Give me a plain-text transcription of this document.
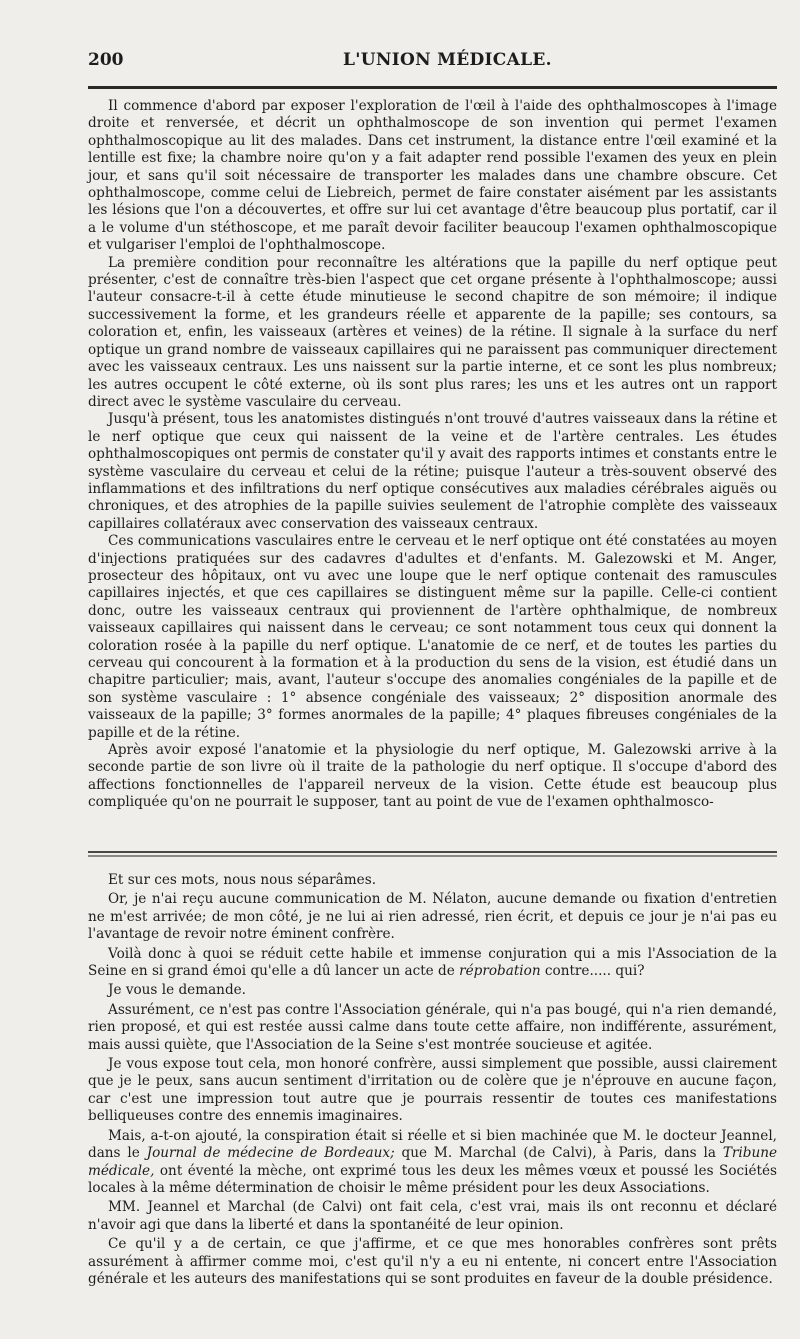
200	L'UNION MÉDICALE.

Il commence d'abord par exposer l'exploration de l'œil à l'aide des ophthalmoscopes à l'image droite et renversée, et décrit un ophthalmoscope de son invention qui permet l'examen ophthalmoscopique au lit des malades. Dans cet instrument, la distance entre l'œil examiné et la lentille est fixe; la chambre noire qu'on y a fait adapter rend possible l'examen des yeux en plein jour, et sans qu'il soit nécessaire de transporter les malades dans une chambre obscure. Cet ophthalmoscope, comme celui de Liebreich, permet de faire constater aisément par les assistants les lésions que l'on a découvertes, et offre sur lui cet avantage d'être beaucoup plus portatif, car il a le volume d'un stéthoscope, et me paraît devoir faciliter beaucoup l'examen ophthalmoscopique et vulgariser l'emploi de l'ophthalmoscope.

La première condition pour reconnaître les altérations que la papille du nerf optique peut présenter, c'est de connaître très-bien l'aspect que cet organe présente à l'ophthalmoscope; aussi l'auteur consacre-t-il à cette étude minutieuse le second chapitre de son mémoire; il indique successivement la forme, et les grandeurs réelle et apparente de la papille; ses contours, sa coloration et, enfin, les vaisseaux (artères et veines) de la rétine. Il signale à la surface du nerf optique un grand nombre de vaisseaux capillaires qui ne paraissent pas communiquer directement avec les vaisseaux centraux. Les uns naissent sur la partie interne, et ce sont les plus nombreux; les autres occupent le côté externe, où ils sont plus rares; les uns et les autres ont un rapport direct avec le système vasculaire du cerveau.

Jusqu'à présent, tous les anatomistes distingués n'ont trouvé d'autres vaisseaux dans la rétine et le nerf optique que ceux qui naissent de la veine et de l'artère centrales. Les études ophthalmoscopiques ont permis de constater qu'il y avait des rapports intimes et constants entre le système vasculaire du cerveau et celui de la rétine; puisque l'auteur a très-souvent observé des inflammations et des infiltrations du nerf optique consécutives aux maladies cérébrales aiguës ou chroniques, et des atrophies de la papille suivies seulement de l'atrophie complète des vaisseaux capillaires collatéraux avec conservation des vaisseaux centraux.

Ces communications vasculaires entre le cerveau et le nerf optique ont été constatées au moyen d'injections pratiquées sur des cadavres d'adultes et d'enfants. M. Galezowski et M. Anger, prosecteur des hôpitaux, ont vu avec une loupe que le nerf optique contenait des ramuscules capillaires injectés, et que ces capillaires se distinguent même sur la papille. Celle-ci contient donc, outre les vaisseaux centraux qui proviennent de l'artère ophthalmique, de nombreux vaisseaux capillaires qui naissent dans le cerveau; ce sont notamment tous ceux qui donnent la coloration rosée à la papille du nerf optique. L'anatomie de ce nerf, et de toutes les parties du cerveau qui concourent à la formation et à la production du sens de la vision, est étudié dans un chapitre particulier; mais, avant, l'auteur s'occupe des anomalies congéniales de la papille et de son système vasculaire : 1° absence congéniale des vaisseaux; 2° disposition anormale des vaisseaux de la papille; 3° formes anormales de la papille; 4° plaques fibreuses congéniales de la papille et de la rétine.

Après avoir exposé l'anatomie et la physiologie du nerf optique, M. Galezowski arrive à la seconde partie de son livre où il traite de la pathologie du nerf optique. Il s'occupe d'abord des affections fonctionnelles de l'appareil nerveux de la vision. Cette étude est beaucoup plus compliquée qu'on ne pourrait le supposer, tant au point de vue de l'examen ophthalmosco-

Et sur ces mots, nous nous séparâmes.

Or, je n'ai reçu aucune communication de M. Nélaton, aucune demande ou fixation d'entretien ne m'est arrivée; de mon côté, je ne lui ai rien adressé, rien écrit, et depuis ce jour je n'ai pas eu l'avantage de revoir notre éminent confrère.

Voilà donc à quoi se réduit cette habile et immense conjuration qui a mis l'Association de la Seine en si grand émoi qu'elle a dû lancer un acte de réprobation contre..... qui?

Je vous le demande.

Assurément, ce n'est pas contre l'Association générale, qui n'a pas bougé, qui n'a rien demandé, rien proposé, et qui est restée aussi calme dans toute cette affaire, non indifférente, assurément, mais aussi quiète, que l'Association de la Seine s'est montrée soucieuse et agitée.

Je vous expose tout cela, mon honoré confrère, aussi simplement que possible, aussi clairement que je le peux, sans aucun sentiment d'irritation ou de colère que je n'éprouve en aucune façon, car c'est une impression tout autre que je pourrais ressentir de toutes ces manifestations belliqueuses contre des ennemis imaginaires.

Mais, a-t-on ajouté, la conspiration était si réelle et si bien machinée que M. le docteur Jeannel, dans le Journal de médecine de Bordeaux; que M. Marchal (de Calvi), à Paris, dans la Tribune médicale, ont éventé la mèche, ont exprimé tous les deux les mêmes vœux et poussé les Sociétés locales à la même détermination de choisir le même président pour les deux Associations.

MM. Jeannel et Marchal (de Calvi) ont fait cela, c'est vrai, mais ils ont reconnu et déclaré n'avoir agi que dans la liberté et dans la spontanéité de leur opinion.

Ce qu'il y a de certain, ce que j'affirme, et ce que mes honorables confrères sont prêts assurément à affirmer comme moi, c'est qu'il n'y a eu ni entente, ni concert entre l'Association générale et les auteurs des manifestations qui se sont produites en faveur de la double présidence.
